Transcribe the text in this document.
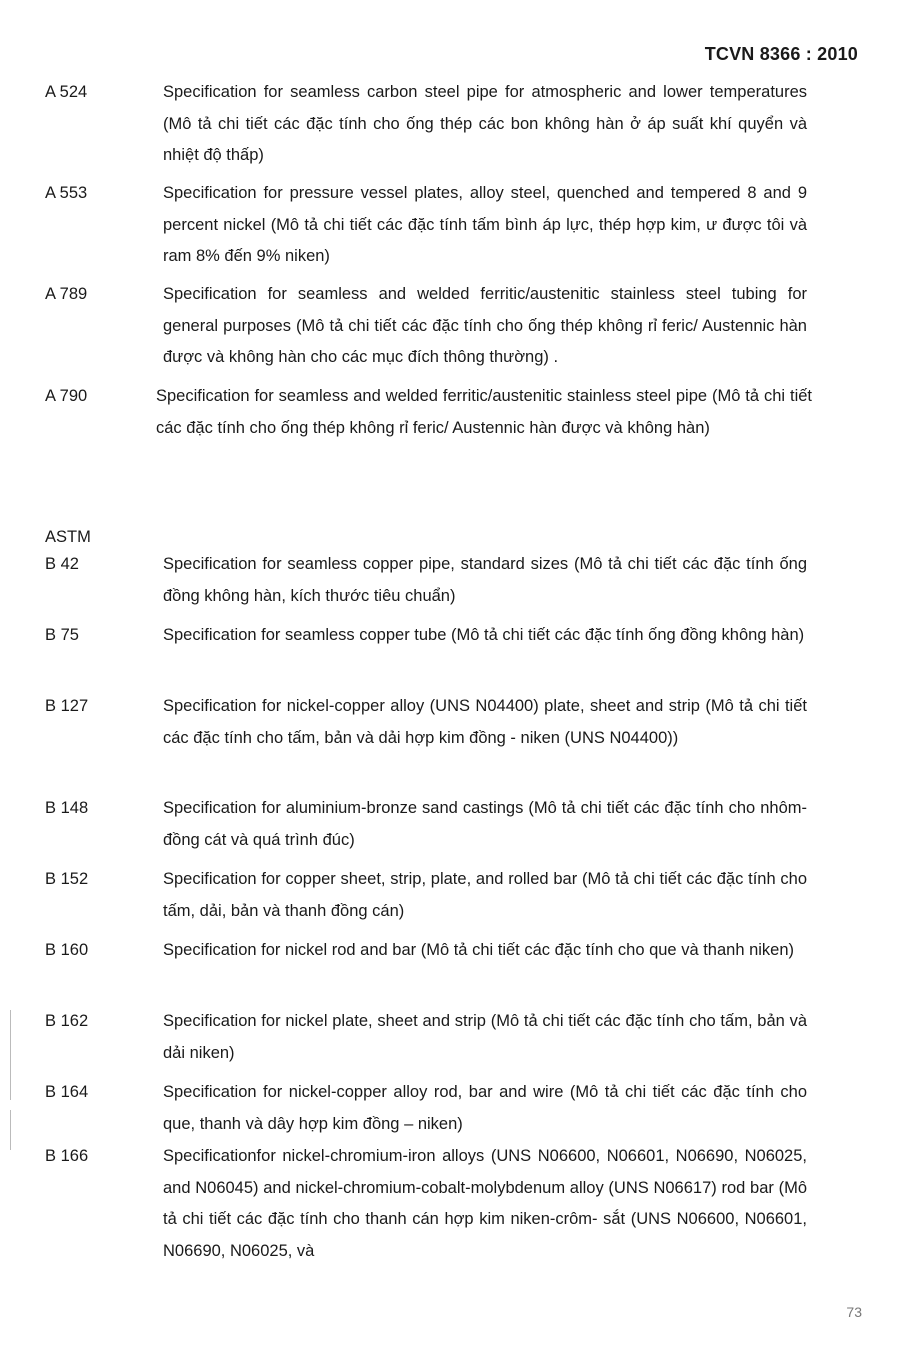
TCVN 8366 : 2010
A 524	Specification for seamless carbon steel pipe for atmospheric and lower temperatures (Mô tả chi tiết các đặc tính cho ống thép các bon không hàn ở áp suất khí quyển và nhiệt độ thấp)
A 553	Specification for pressure vessel plates, alloy steel, quenched and tempered 8 and 9 percent nickel (Mô tả chi tiết các đặc tính tấm bình áp lực, thép hợp kim, ư được tôi và ram 8% đến 9% niken)
A 789	Specification for seamless and welded ferritic/austenitic stainless steel tubing for general purposes (Mô tả chi tiết các đặc tính cho ống thép không rỉ feric/ Austennic hàn được và không hàn cho các mục đích thông thường) .
A 790	Specification for seamless and welded ferritic/austenitic stainless steel pipe (Mô tả chi tiết các đặc tính cho ống thép không rỉ feric/ Austennic hàn được và không hàn)
ASTM
B 42	Specification for seamless copper pipe, standard sizes (Mô tả chi tiết các đặc tính ống đồng không hàn, kích thước tiêu chuẩn)
B 75	Specification for seamless copper tube (Mô tả chi tiết các đặc tính ống đồng không hàn)
B 127	Specification for nickel-copper alloy (UNS N04400) plate, sheet and strip (Mô tả chi tiết các đặc tính cho tấm, bản và dải hợp kim đồng - niken (UNS N04400))
B 148	Specification for aluminium-bronze sand castings (Mô tả chi tiết các đặc tính cho nhôm-đồng cát và quá trình đúc)
B 152	Specification for copper sheet, strip, plate, and rolled bar (Mô tả chi tiết các đặc tính cho tấm, dải, bản và thanh đồng cán)
B 160	Specification for nickel rod and bar (Mô tả chi tiết các đặc tính cho que và thanh niken)
B 162	Specification for nickel plate, sheet and strip (Mô tả chi tiết các đặc tính cho tấm, bản và dải niken)
B 164	Specification for nickel-copper alloy rod, bar and wire (Mô tả chi tiết các đặc tính cho que, thanh và dây hợp kim đồng – niken)
B 166	Specificationfor nickel-chromium-iron alloys (UNS N06600, N06601, N06690, N06025, and N06045) and nickel-chromium-cobalt-molybdenum alloy (UNS N06617) rod bar (Mô tả chi tiết các đặc tính cho thanh cán hợp kim niken-crôm- sắt (UNS N06600, N06601, N06690, N06025, và
73
